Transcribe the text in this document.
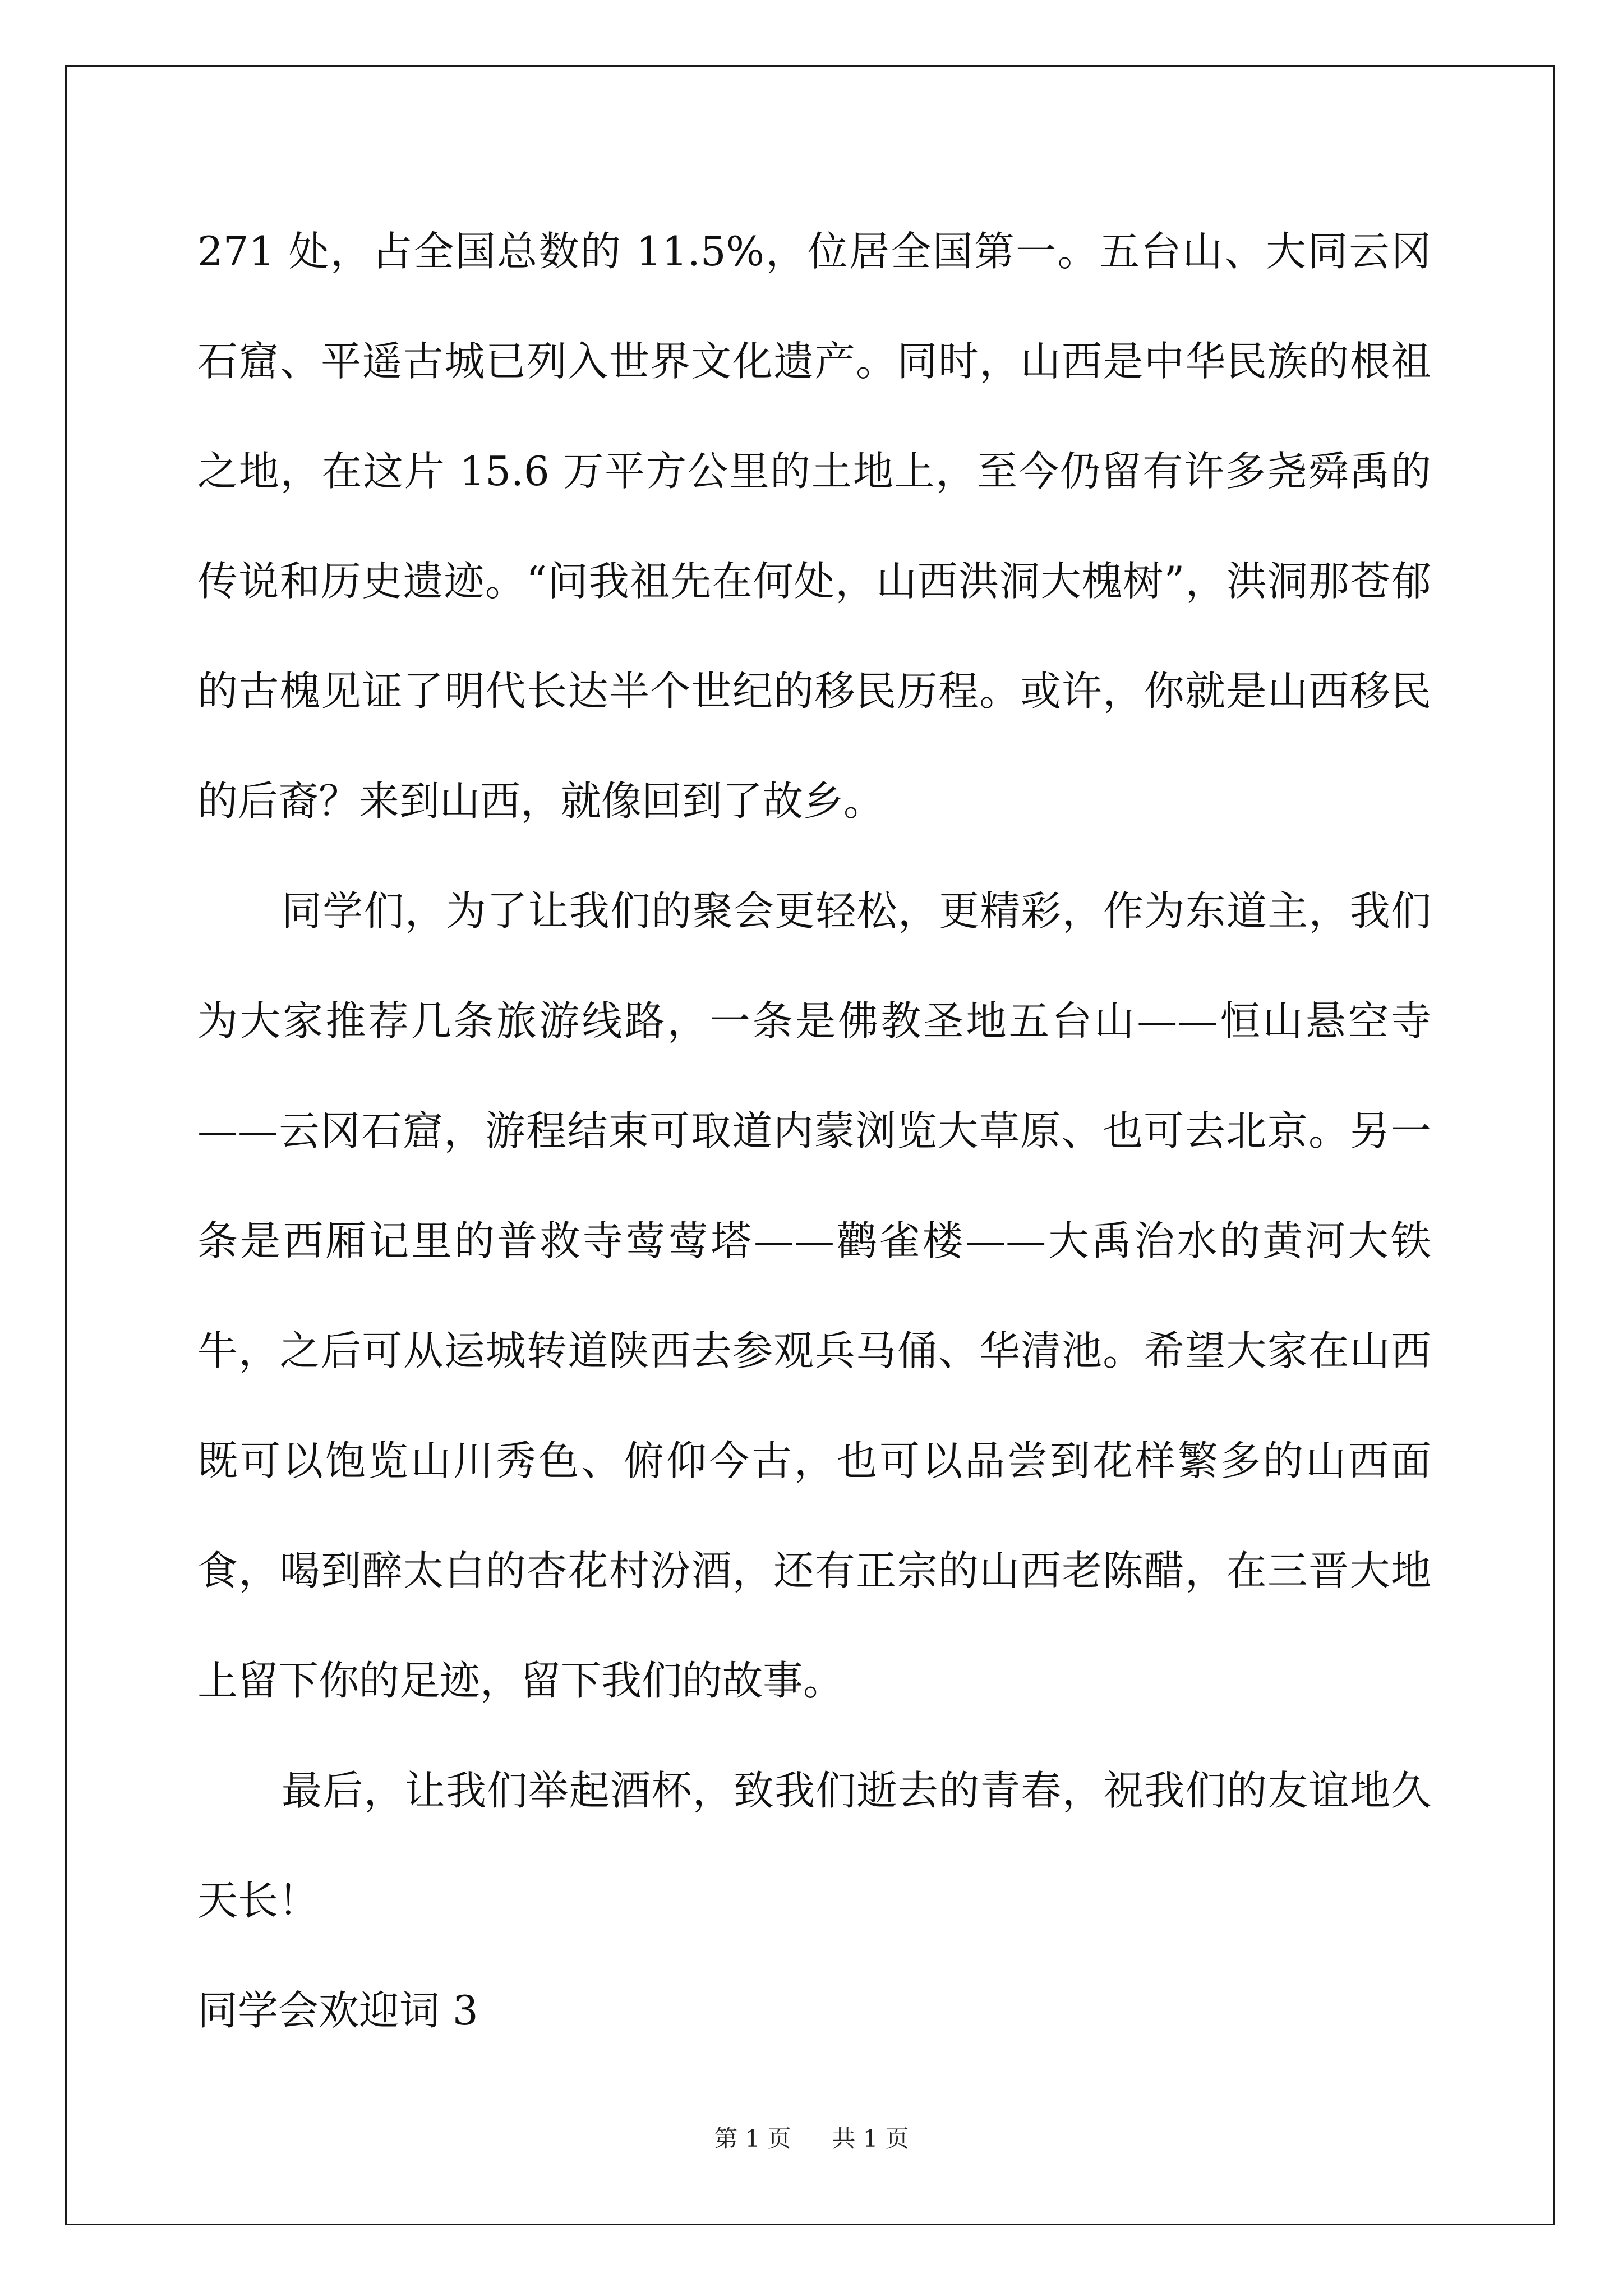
271 处，占全国总数的 11.5%，位居全国第一。五台山、大同云冈石窟、平遥古城已列入世界文化遗产。同时，山西是中华民族的根祖之地，在这片 15.6 万平方公里的土地上，至今仍留有许多尧舜禹的传说和历史遗迹。“问我祖先在何处，山西洪洞大槐树”，洪洞那苍郁的古槐见证了明代长达半个世纪的移民历程。或许，你就是山西移民的后裔？来到山西，就像回到了故乡。

同学们，为了让我们的聚会更轻松，更精彩，作为东道主，我们为大家推荐几条旅游线路，一条是佛教圣地五台山——恒山悬空寺——云冈石窟，游程结束可取道内蒙浏览大草原、也可去北京。另一条是西厢记里的普救寺莺莺塔——鹳雀楼——大禹治水的黄河大铁牛，之后可从运城转道陕西去参观兵马俑、华清池。希望大家在山西既可以饱览山川秀色、俯仰今古，也可以品尝到花样繁多的山西面食，喝到醉太白的杏花村汾酒，还有正宗的山西老陈醋，在三晋大地上留下你的足迹，留下我们的故事。

最后，让我们举起酒杯，致我们逝去的青春，祝我们的友谊地久天长！

同学会欢迎词 3

第 1 页 共 1 页
